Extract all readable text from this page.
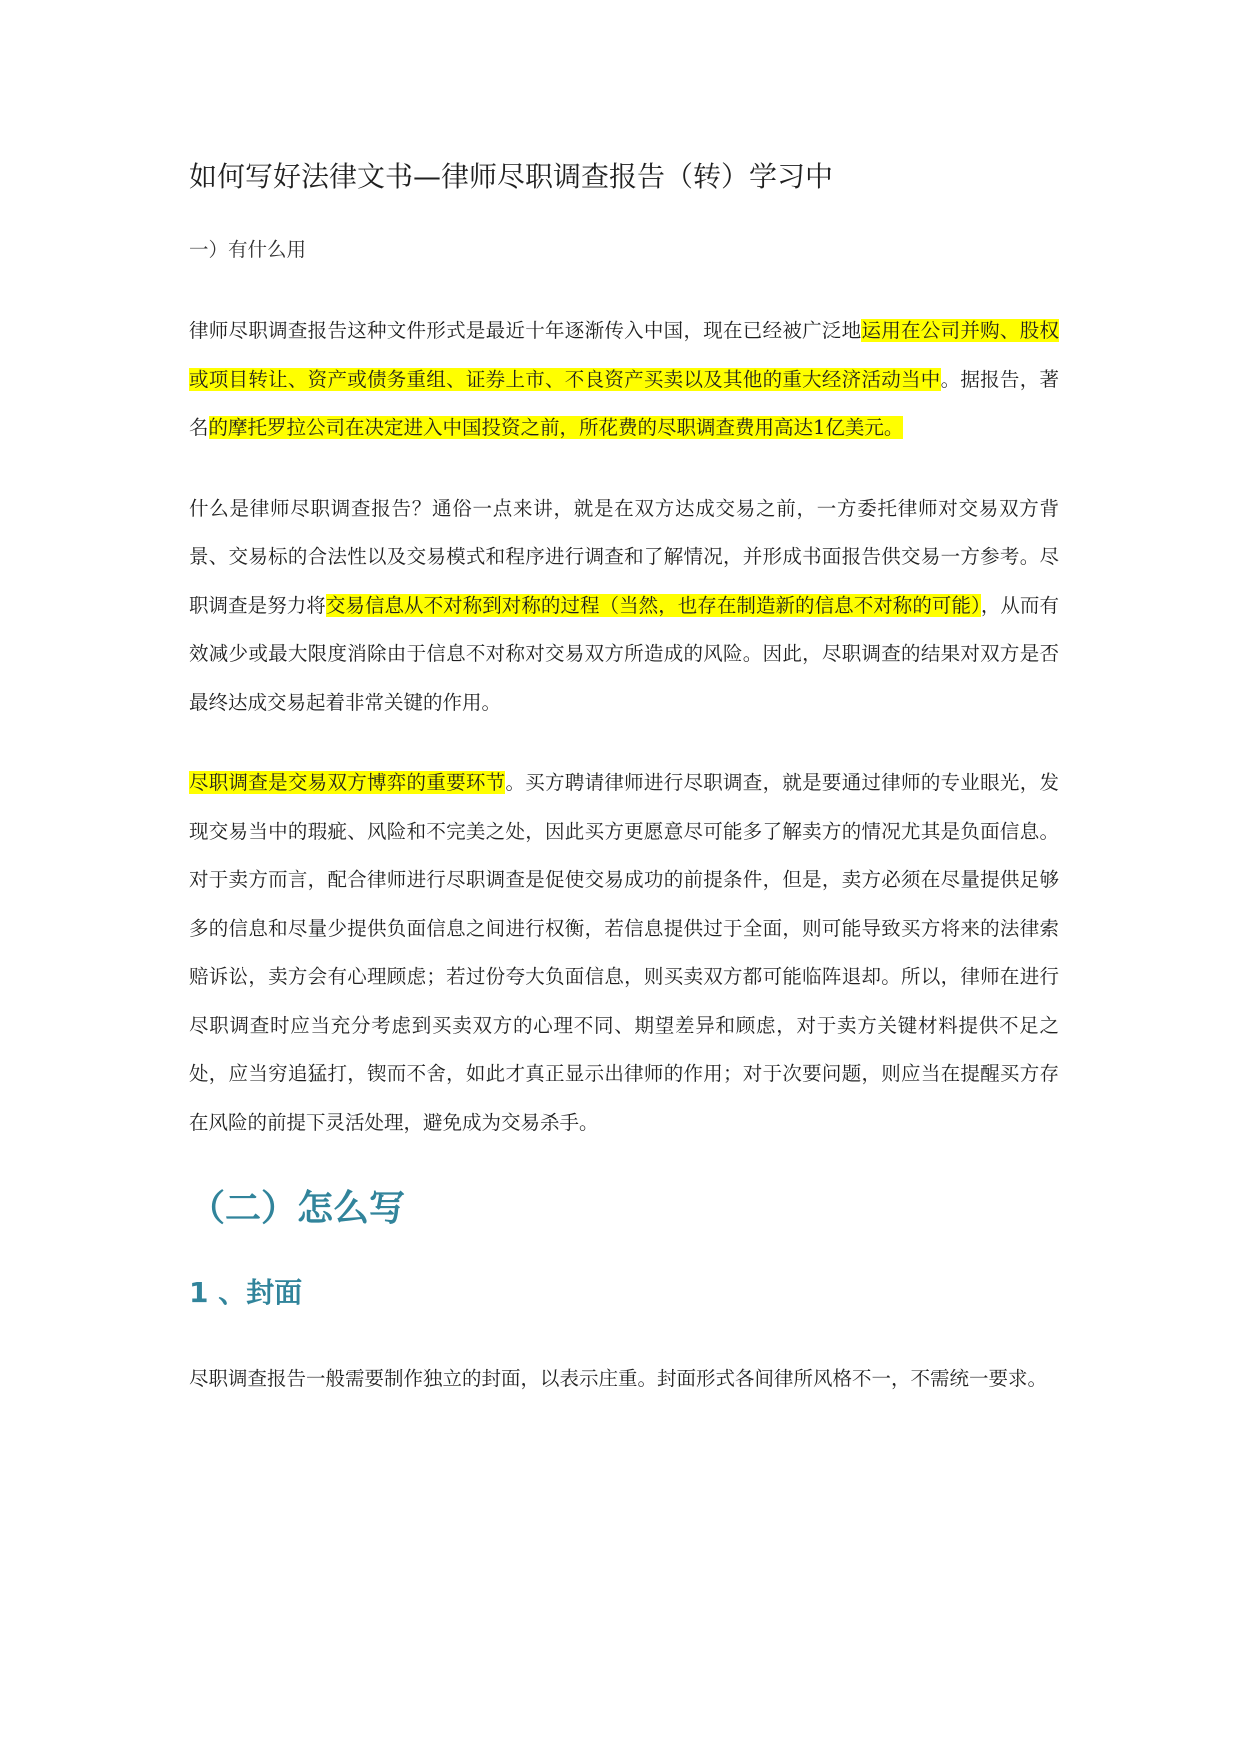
如何写好法律文书—律师尽职调查报告（转）学习中
一）有什么用

律师尽职调查报告这种文件形式是最近十年逐渐传入中国，现在已经被广泛地运用在公司并购、股权或项目转让、资产或债务重组、证券上市、不良资产买卖以及其他的重大经济活动当中。据报告，著名的摩托罗拉公司在决定进入中国投资之前，所花费的尽职调查费用高达1亿美元。

什么是律师尽职调查报告？通俗一点来讲，就是在双方达成交易之前，一方委托律师对交易双方背景、交易标的合法性以及交易模式和程序进行调查和了解情况，并形成书面报告供交易一方参考。尽职调查是努力将交易信息从不对称到对称的过程（当然，也存在制造新的信息不对称的可能），从而有效减少或最大限度消除由于信息不对称对交易双方所造成的风险。因此，尽职调查的结果对双方是否最终达成交易起着非常关键的作用。

尽职调查是交易双方博弈的重要环节。买方聘请律师进行尽职调查，就是要通过律师的专业眼光，发现交易当中的瑕疵、风险和不完美之处，因此买方更愿意尽可能多了解卖方的情况尤其是负面信息。对于卖方而言，配合律师进行尽职调查是促使交易成功的前提条件，但是，卖方必须在尽量提供足够多的信息和尽量少提供负面信息之间进行权衡，若信息提供过于全面，则可能导致买方将来的法律索赔诉讼，卖方会有心理顾虑；若过份夸大负面信息，则买卖双方都可能临阵退却。所以，律师在进行尽职调查时应当充分考虑到买卖双方的心理不同、期望差异和顾虑，对于卖方关键材料提供不足之处，应当穷追猛打，锲而不舍，如此才真正显示出律师的作用；对于次要问题，则应当在提醒买方存在风险的前提下灵活处理，避免成为交易杀手。

（二）怎么写
1 、封面

尽职调查报告一般需要制作独立的封面，以表示庄重。封面形式各间律所风格不一，不需统一要求。
